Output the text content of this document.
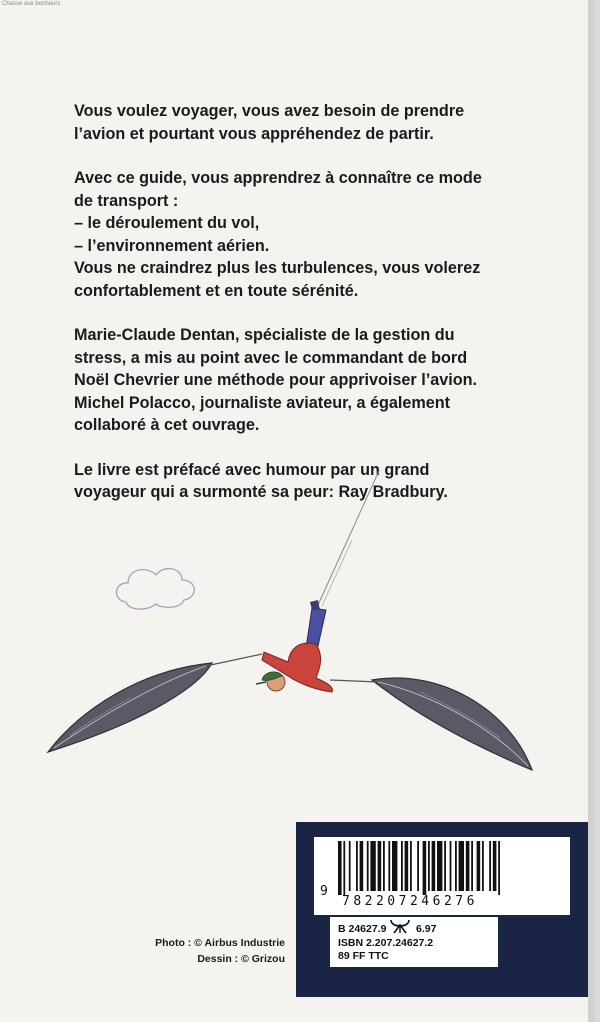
Chasse aux bonheurs

Vous voulez voyager, vous avez besoin de prendre
l’avion et pourtant vous appréhendez de partir.

Avec ce guide, vous apprendrez à connaître ce mode
de transport :
– le déroulement du vol,
– l’environnement aérien.
Vous ne craindrez plus les turbulences, vous volerez
confortablement et en toute sérénité.

Marie-Claude Dentan, spécialiste de la gestion du
stress, a mis au point avec le commandant de bord
Noël Chevrier une méthode pour apprivoiser l’avion.
Michel Polacco, journaliste aviateur, a également
collaboré à cet ouvrage.

Le livre est préfacé avec humour par un grand
voyageur qui a surmonté sa peur: Ray Bradbury.

Photo : © Airbus Industrie
Dessin : © Grizou
9
782207246276
B 24627.9
ISBN 2.207.24627.2
89 FF TTC
6.97
